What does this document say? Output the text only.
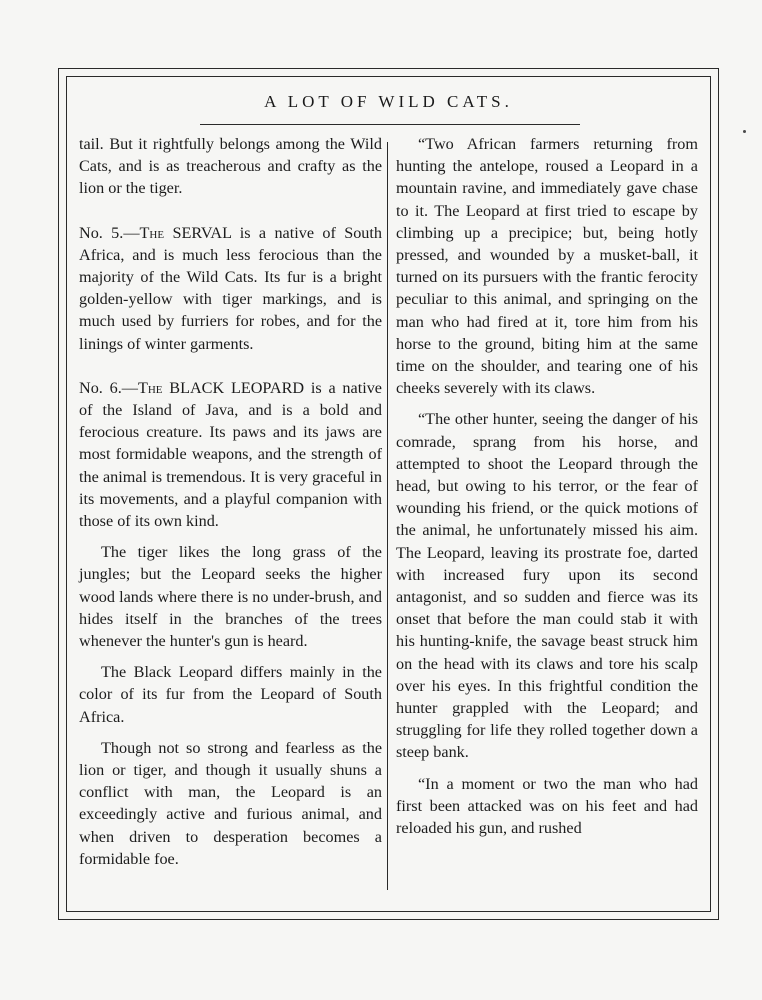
A LOT OF WILD CATS.

tail. But it rightfully belongs among the Wild Cats, and is as treacherous and crafty as the lion or the tiger.

No. 5.—The SERVAL is a native of South Africa, and is much less ferocious than the majority of the Wild Cats. Its fur is a bright golden-yellow with tiger markings, and is much used by furriers for robes, and for the linings of winter garments.

No. 6.—The BLACK LEOPARD is a native of the Island of Java, and is a bold and ferocious creature. Its paws and its jaws are most formidable weapons, and the strength of the animal is tremendous. It is very graceful in its movements, and a playful companion with those of its own kind.

The tiger likes the long grass of the jungles; but the Leopard seeks the higher wood lands where there is no under-brush, and hides itself in the branches of the trees whenever the hunter's gun is heard.

The Black Leopard differs mainly in the color of its fur from the Leopard of South Africa.

Though not so strong and fearless as the lion or tiger, and though it usually shuns a conflict with man, the Leopard is an exceedingly active and furious animal, and when driven to desperation becomes a formidable foe.

“Two African farmers returning from hunting the antelope, roused a Leopard in a mountain ravine, and immediately gave chase to it. The Leopard at first tried to escape by climbing up a precipice; but, being hotly pressed, and wounded by a musket-ball, it turned on its pursuers with the frantic ferocity peculiar to this animal, and springing on the man who had fired at it, tore him from his horse to the ground, biting him at the same time on the shoulder, and tearing one of his cheeks severely with its claws.

“The other hunter, seeing the danger of his comrade, sprang from his horse, and attempted to shoot the Leopard through the head, but owing to his terror, or the fear of wounding his friend, or the quick motions of the animal, he unfortunately missed his aim. The Leopard, leaving its prostrate foe, darted with increased fury upon its second antagonist, and so sudden and fierce was its onset that before the man could stab it with his hunting-knife, the savage beast struck him on the head with its claws and tore his scalp over his eyes. In this frightful condition the hunter grappled with the Leopard; and struggling for life they rolled together down a steep bank.

“In a moment or two the man who had first been attacked was on his feet and had reloaded his gun, and rushed
